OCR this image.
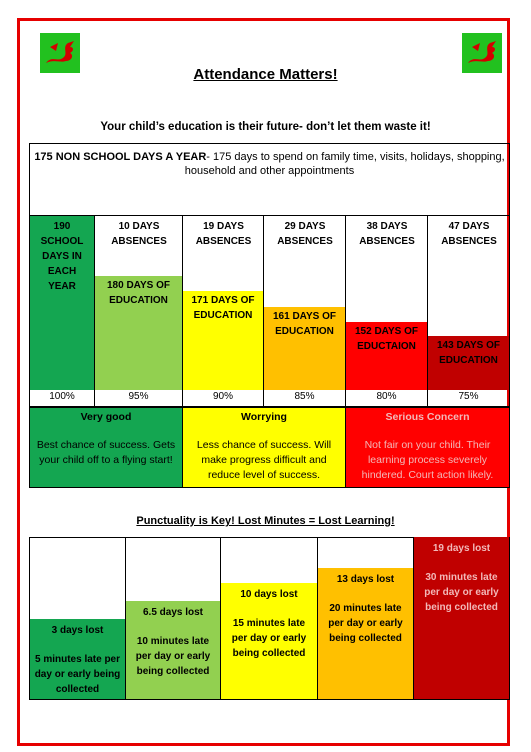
Attendance Matters!
Your child’s education is their future- don’t let them waste it!
175 NON SCHOOL DAYS A YEAR- 175 days to spend on family time, visits, holidays, shopping, household and other appointments
190 SCHOOL DAYS IN EACH YEAR
100%
180 DAYS OF EDUCATION
10 DAYS ABSENCES
95%
171 DAYS OF EDUCATION
19 DAYS ABSENCES
90%
161 DAYS OF EDUCATION
29 DAYS ABSENCES
85%
152 DAYS OF EDUCTAION
38 DAYS ABSENCES
80%
143 DAYS OF EDUCATION
47 DAYS ABSENCES
75%
Very good
Best chance of success. Gets your child off to a flying start!
Worrying
Less chance of success. Will make progress difficult and reduce level of success.
Serious Concern
Not fair on your child. Their learning process severely hindered. Court action likely.
Punctuality is Key! Lost Minutes = Lost Learning!
3 days lost
5 minutes late per day or early being collected
6.5 days lost
10 minutes late per day or early being collected
10 days lost
15 minutes late per day or early being collected
13 days lost
20 minutes late per day or early being collected
19 days lost
30 minutes late per day or early being collected
